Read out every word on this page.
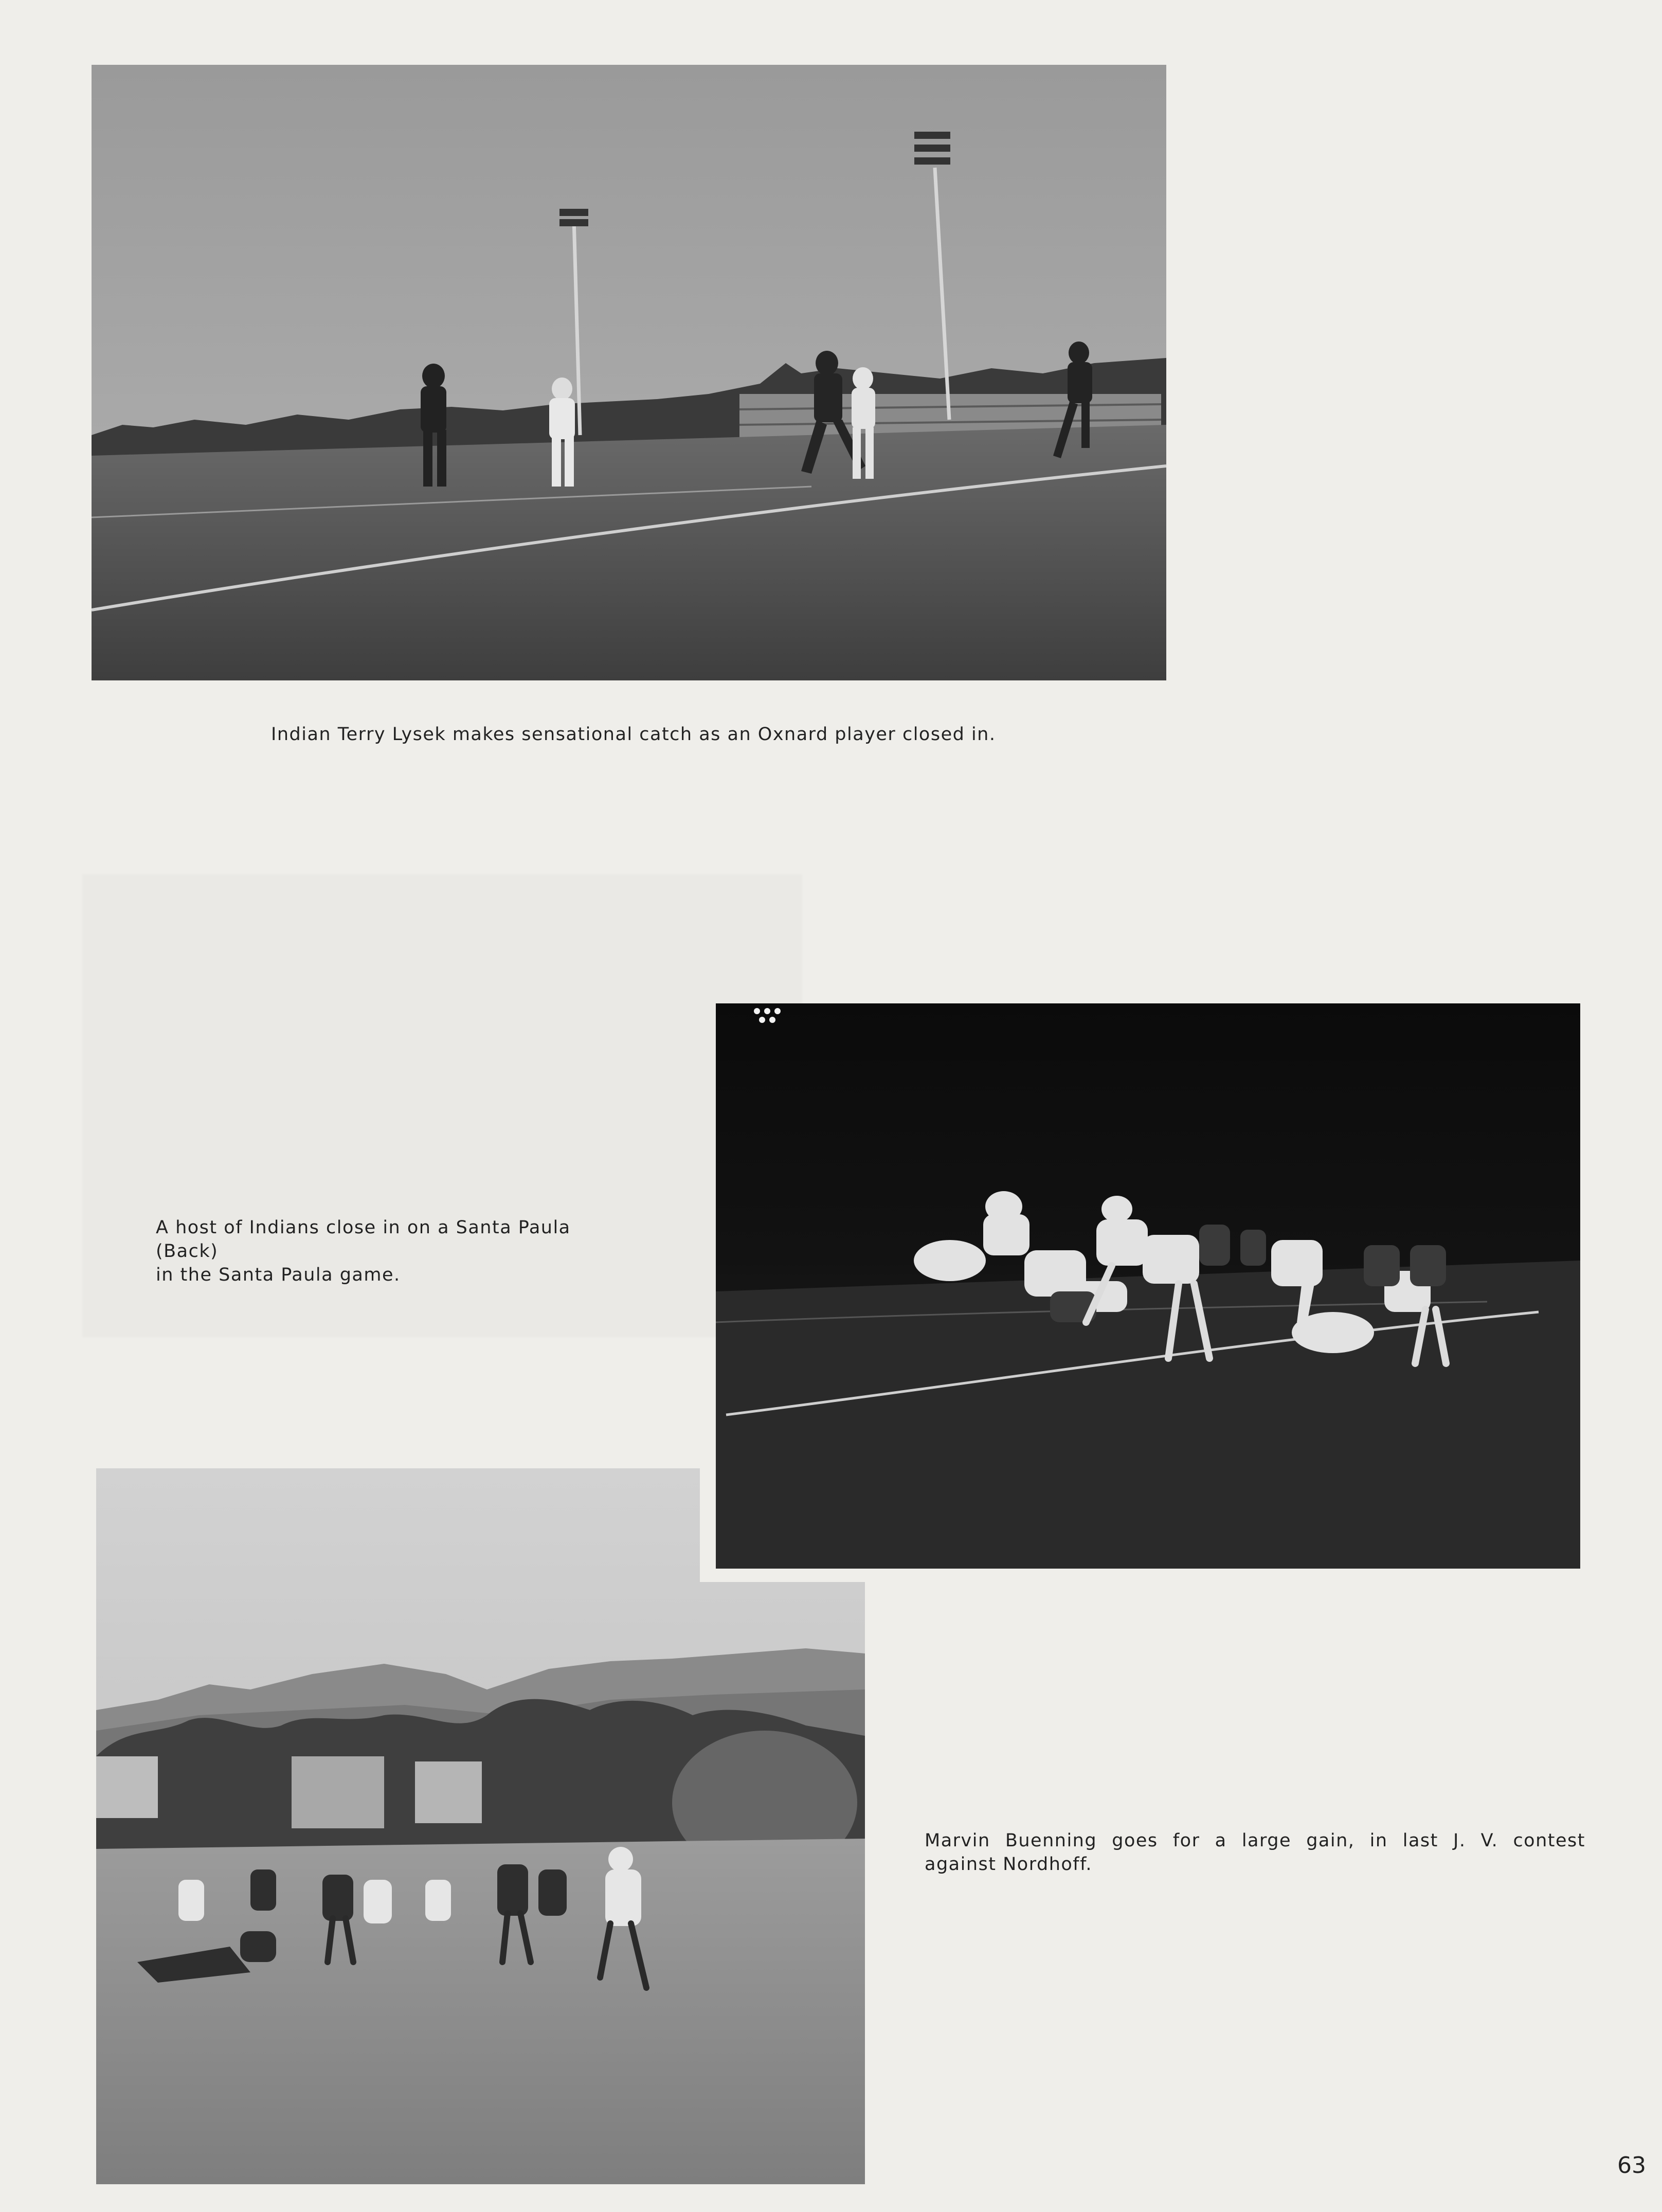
Indian Terry Lysek makes sensational catch as an Oxnard player closed in.
A host of Indians close in on a Santa Paula (Back)
in the Santa Paula game.
Marvin Buenning goes for a large gain, in last J. V. contest
against Nordhoff.
63
